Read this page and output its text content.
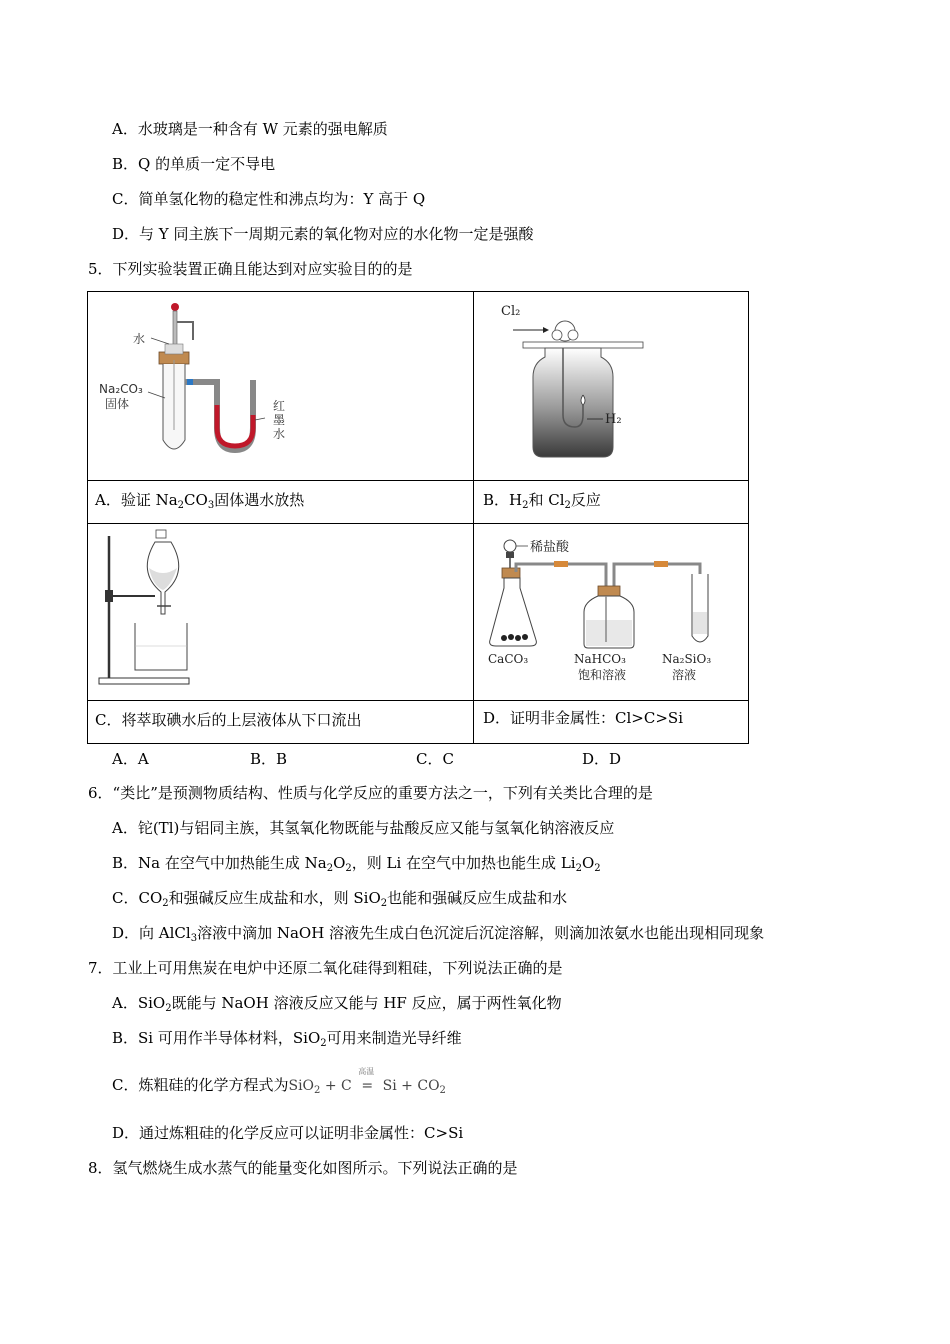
A．水玻璃是一种含有 W 元素的强电解质
B．Q 的单质一定不导电
C．简单氢化物的稳定性和沸点均为：Y 高于 Q
D．与 Y 同主族下一周期元素的氧化物对应的水化物一定是强酸
5．下列实验装置正确且能达到对应实验目的的是
水
Na₂CO₃
固体	红
墨
水
Cl₂
H₂
稀盐酸
CaCO₃	NaHCO₃
饱和溶液
Na₂SiO₃
溶液
A．验证 $Na_2CO_3$固体遇水放热	B．$H_2$和 $Cl_2$反应
C．将萃取碘水后的上层液体从下口流出	D．证明非金属性：Cl>C>Si
A．A	B．B	C．C	D．D
6．“类比”是预测物质结构、性质与化学反应的重要方法之一，下列有关类比合理的是
A．铊(Tl)与铝同主族，其氢氧化物既能与盐酸反应又能与氢氧化钠溶液反应
B．Na 在空气中加热能生成 $Na_2O_2$，则 Li 在空气中加热也能生成 $Li_2O_2$
C．$CO_2$和强碱反应生成盐和水，则 SiO$_2$也能和强碱反应生成盐和水
D．向 AlCl$_3$溶液中滴加 NaOH 溶液先生成白色沉淀后沉淀溶解，则滴加浓氨水也能出现相同现象
7．工业上可用焦炭在电炉中还原二氧化硅得到粗硅，下列说法正确的是
A．SiO$_2$既能与 NaOH 溶液反应又能与 HF 反应，属于两性氧化物
B．Si 可用作半导体材料，SiO$_2$可用来制造光导纤维
C．炼粗硅的化学方程式为SiO$_2$ + C
高温
= $Si + CO_2$
D．通过炼粗硅的化学反应可以证明非金属性：C>Si
8．氢气燃烧生成水蒸气的能量变化如图所示。下列说法正确的是
